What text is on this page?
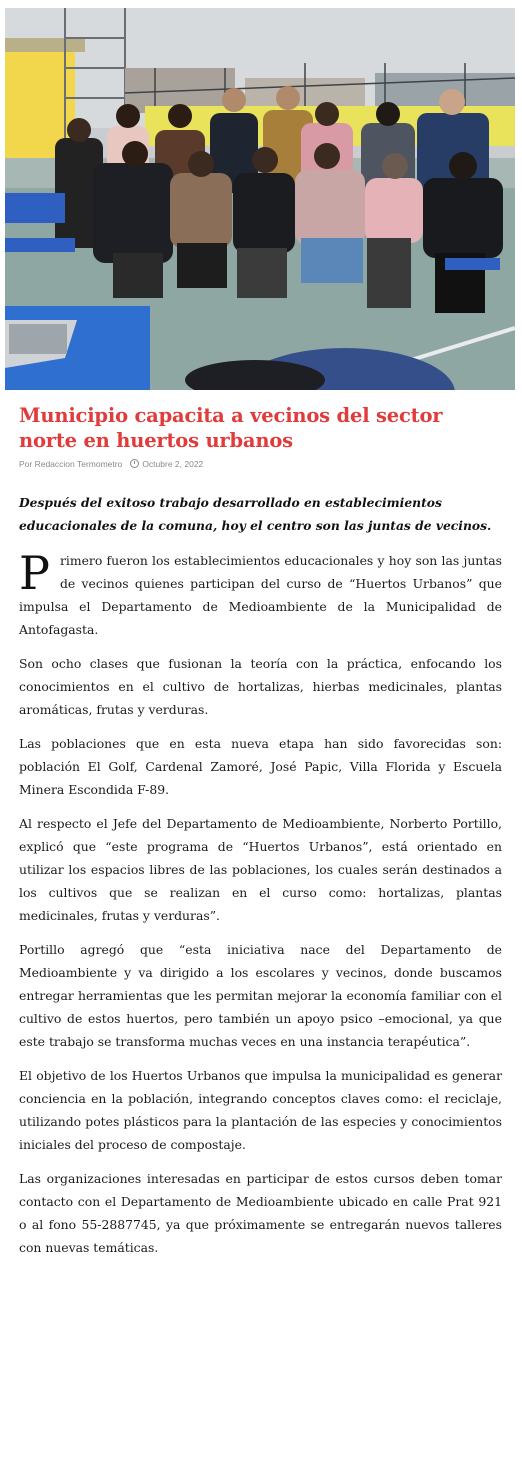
Municipio capacita a vecinos del sector norte en huertos urbanos
Por Redaccion Termometro	Octubre 2, 2022
Después del exitoso trabajo desarrollado en establecimientos educacionales de la comuna, hoy el centro son las juntas de vecinos.

Primero fueron los establecimientos educacionales y hoy son las juntas de vecinos quienes participan del curso de “Huertos Urbanos” que impulsa el Departamento de Medioambiente de la Municipalidad de Antofagasta.

Son ocho clases que fusionan la teoría con la práctica, enfocando los conocimientos en el cultivo de hortalizas, hierbas medicinales, plantas aromáticas, frutas y verduras.

Las poblaciones que en esta nueva etapa han sido favorecidas son: población El Golf, Cardenal Zamoré, José Papic, Villa Florida y Escuela Minera Escondida F-89.

Al respecto el Jefe del Departamento de Medioambiente, Norberto Portillo, explicó que “este programa de “Huertos Urbanos”, está orientado en utilizar los espacios libres de las poblaciones, los cuales serán destinados a los cultivos que se realizan en el curso como: hortalizas, plantas medicinales, frutas y verduras”.

Portillo agregó que “esta iniciativa nace del Departamento de Medioambiente y va dirigido a los escolares y vecinos, donde buscamos entregar herramientas que les permitan mejorar la economía familiar con el cultivo de estos huertos, pero también un apoyo psico –emocional, ya que este trabajo se transforma muchas veces en una instancia terapéutica”.

El objetivo de los Huertos Urbanos que impulsa la municipalidad es generar conciencia en la población, integrando conceptos claves como: el reciclaje, utilizando potes plásticos para la plantación de las especies y conocimientos iniciales del proceso de compostaje.

Las organizaciones interesadas en participar de estos cursos deben tomar contacto con el Departamento de Medioambiente ubicado en calle Prat 921 o al fono 55-2887745, ya que próximamente se entregarán nuevos talleres con nuevas temáticas.
